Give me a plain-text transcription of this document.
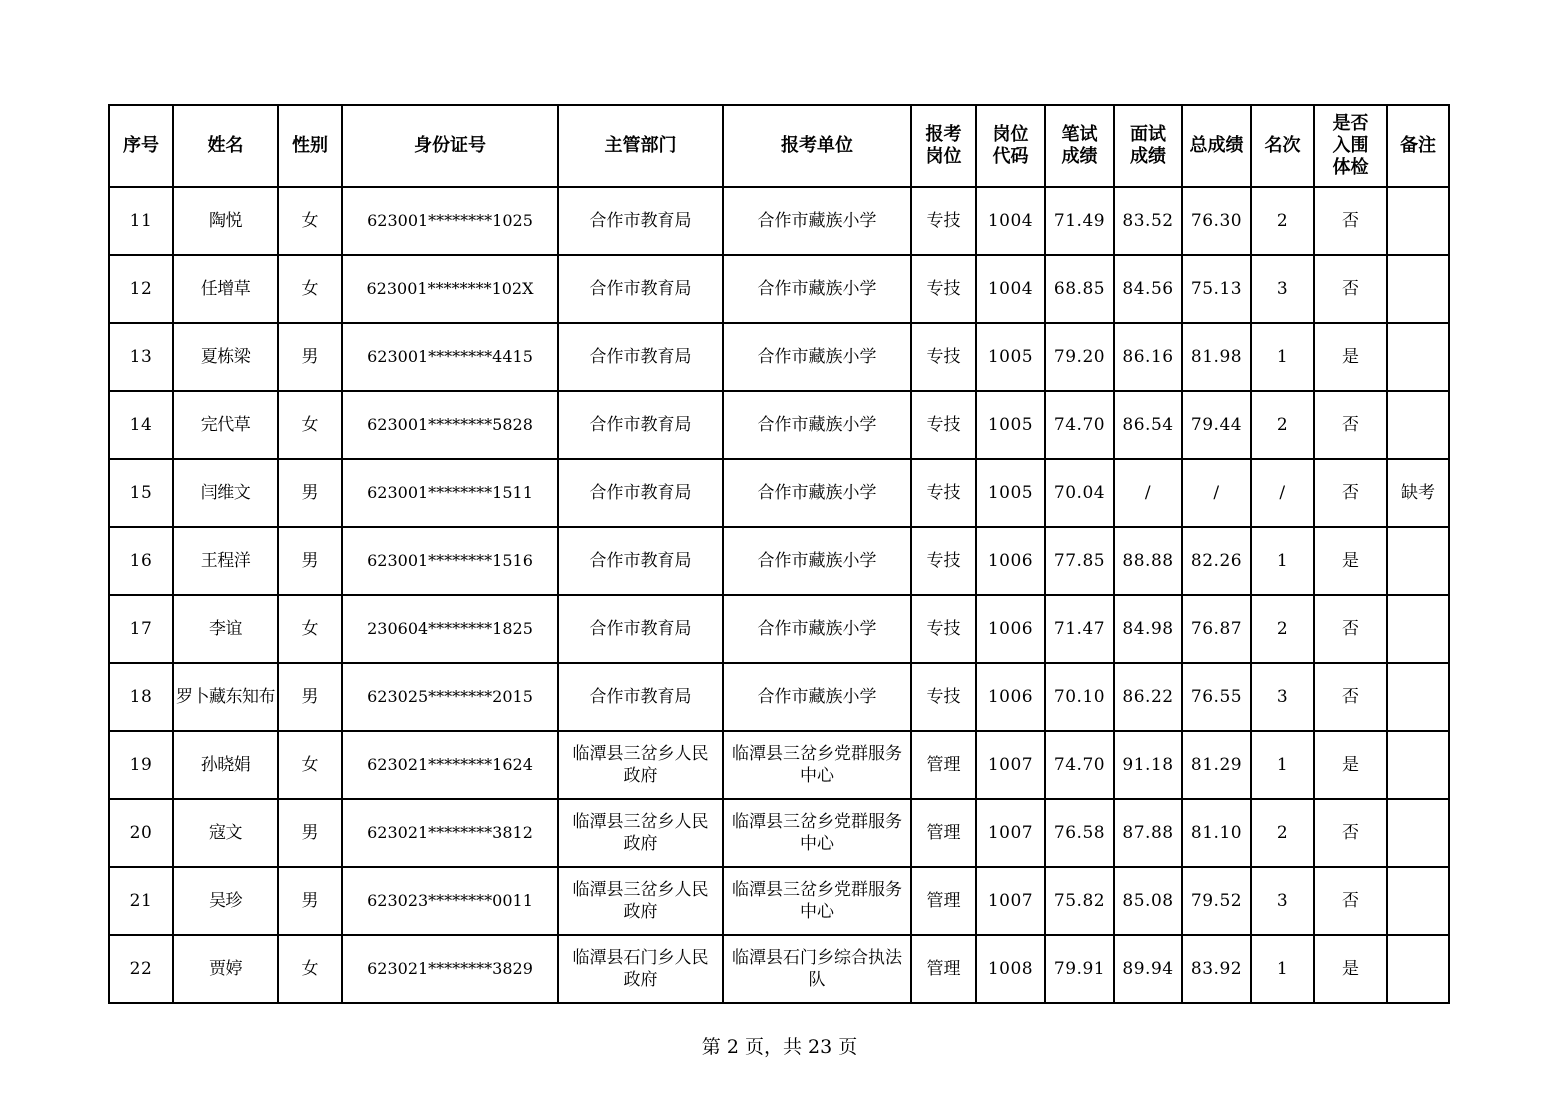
序号	姓名	性别	身份证号	主管部门	报考单位	报考岗位	岗位代码	笔试成绩	面试成绩	总成绩	名次	是否入围体检	备注
11	陶悦	女	623001********1025	合作市教育局	合作市藏族小学	专技	1004	71.49	83.52	76.30	2	否	
12	任增草	女	623001********102X	合作市教育局	合作市藏族小学	专技	1004	68.85	84.56	75.13	3	否	
13	夏栋梁	男	623001********4415	合作市教育局	合作市藏族小学	专技	1005	79.20	86.16	81.98	1	是	
14	完代草	女	623001********5828	合作市教育局	合作市藏族小学	专技	1005	74.70	86.54	79.44	2	否	
15	闫维文	男	623001********1511	合作市教育局	合作市藏族小学	专技	1005	70.04	/	/	/	否	缺考
16	王程洋	男	623001********1516	合作市教育局	合作市藏族小学	专技	1006	77.85	88.88	82.26	1	是	
17	李谊	女	230604********1825	合作市教育局	合作市藏族小学	专技	1006	71.47	84.98	76.87	2	否	
18	罗卜藏东知布	男	623025********2015	合作市教育局	合作市藏族小学	专技	1006	70.10	86.22	76.55	3	否	
19	孙晓娟	女	623021********1624	临潭县三岔乡人民政府	临潭县三岔乡党群服务中心	管理	1007	74.70	91.18	81.29	1	是	
20	寇文	男	623021********3812	临潭县三岔乡人民政府	临潭县三岔乡党群服务中心	管理	1007	76.58	87.88	81.10	2	否	
21	吴珍	男	623023********0011	临潭县三岔乡人民政府	临潭县三岔乡党群服务中心	管理	1007	75.82	85.08	79.52	3	否	
22	贾婷	女	623021********3829	临潭县石门乡人民政府	临潭县石门乡综合执法队	管理	1008	79.91	89.94	83.92	1	是	
第 2 页，共 23 页
